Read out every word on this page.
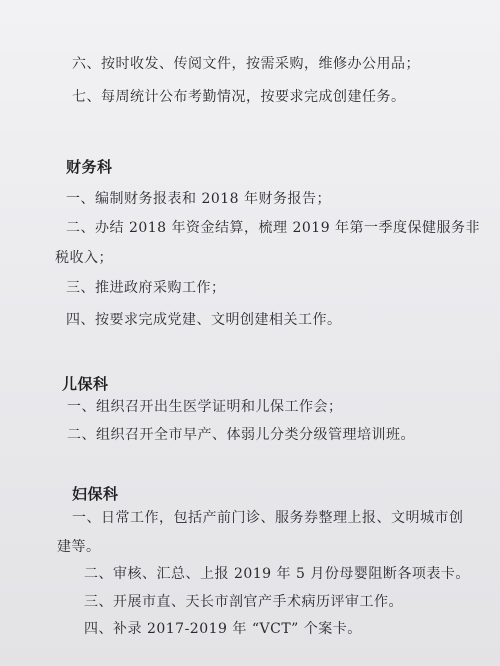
六、按时收发、传阅文件，按需采购，维修办公用品；
七、每周统计公布考勤情况，按要求完成创建任务。
财务科
一、编制财务报表和 2018 年财务报告；
二、办结 2018 年资金结算，梳理 2019 年第一季度保健服务非
税收入；
三、推进政府采购工作；
四、按要求完成党建、文明创建相关工作。
儿保科
一、组织召开出生医学证明和儿保工作会；
二、组织召开全市早产、体弱儿分类分级管理培训班。
妇保科
一、日常工作，包括产前门诊、服务券整理上报、文明城市创
建等。
二、审核、汇总、上报 2019 年 5 月份母婴阻断各项表卡。
三、开展市直、天长市剖官产手术病历评审工作。
四、补录 2017-2019 年 “VCT” 个案卡。
